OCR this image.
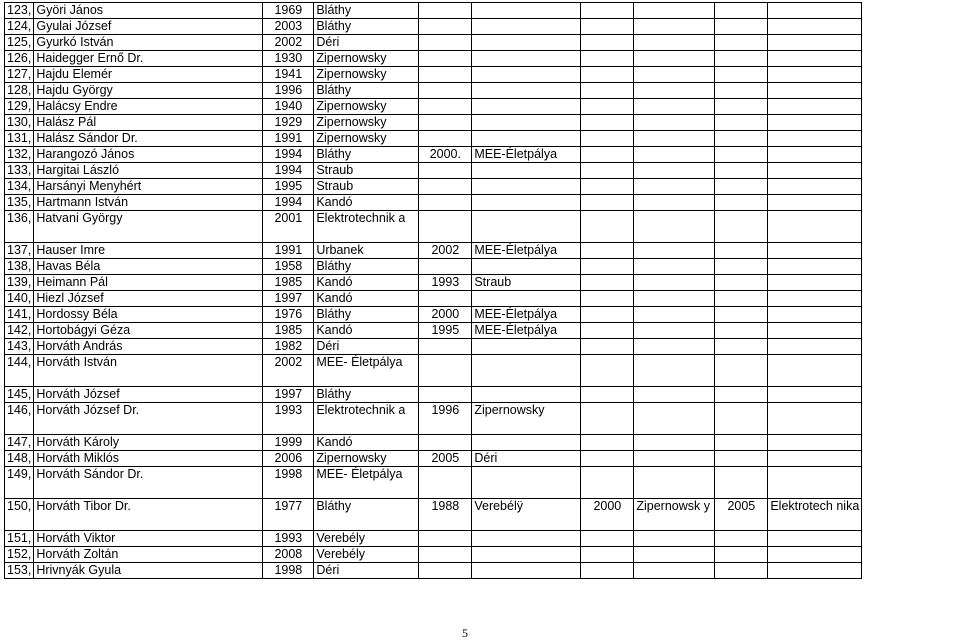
123,	Györi János	1969	Bláthy						
124,	Gyulai József	2003	Bláthy						
125,	Gyurkó István	2002	Déri						
126,	Haidegger Ernő Dr.	1930	Zipernowsky						
127,	Hajdu Elemér	1941	Zipernowsky						
128,	Hajdu György	1996	Bláthy						
129,	Halácsy Endre	1940	Zipernowsky						
130,	Halász Pál	1929	Zipernowsky						
131,	Halász Sándor Dr.	1991	Zipernowsky						
132,	Harangozó János	1994	Bláthy	2000.	MEE-Életpálya				
133,	Hargitai László	1994	Straub						
134,	Harsányi Menyhért	1995	Straub						
135,	Hartmann István	1994	Kandó						
136,	Hatvani György	2001	Elektrotechnik a						
137,	Hauser Imre	1991	Urbanek	2002	MEE-Életpálya				
138,	Havas Béla	1958	Bláthy						
139,	Heimann Pál	1985	Kandó	1993	Straub				
140,	Hiezl József	1997	Kandó						
141,	Hordossy Béla	1976	Bláthy	2000	MEE-Életpálya				
142,	Hortobágyi Géza	1985	Kandó	1995	MEE-Életpálya				
143,	Horváth András	1982	Déri						
144,	Horváth István	2002	MEE- Életpálya						
145,	Horváth József	1997	Bláthy						
146,	Horváth József Dr.	1993	Elektrotechnik a	1996	Zipernowsky				
147,	Horváth Károly	1999	Kandó						
148,	Horváth Miklós	2006	Zipernowsky	2005	Déri				
149,	Horváth Sándor Dr.	1998	MEE- Életpálya						
150,	Horváth Tibor Dr.	1977	Bláthy	1988	Verebélÿ	2000	Zipernowsk y	2005	Elektrotech nika
151,	Horváth Viktor	1993	Verebély						
152,	Horváth Zoltán	2008	Verebély						
153,	Hrivnyák Gyula	1998	Déri						
5
